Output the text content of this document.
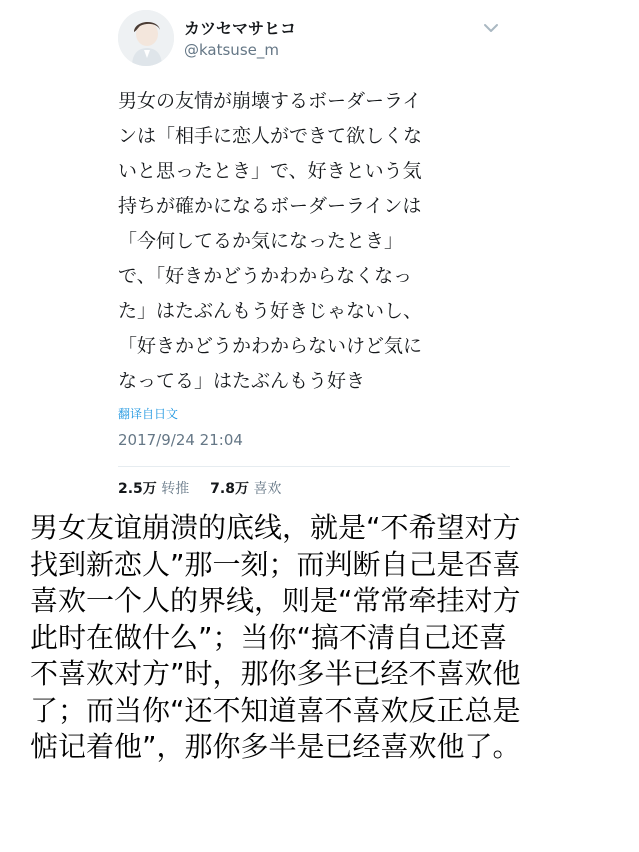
カツセマサヒコ
@katsuse_m
男女の友情が崩壊するボーダーライ
ンは「相手に恋人ができて欲しくな
いと思ったとき」で、好きという気
持ちが確かになるボーダーラインは
「今何してるか気になったとき」
で、「好きかどうかわからなくなっ
た」はたぶんもう好きじゃないし、
「好きかどうかわからないけど気に
なってる」はたぶんもう好き
翻译自日文
2017/9/24 21:04
2.5万 转推 7.8万 喜欢
男女友谊崩溃的底线，就是“不希望对方
找到新恋人”那一刻；而判断自己是否喜
喜欢一个人的界线，则是“常常牵挂对方
此时在做什么”；当你“搞不清自己还喜
不喜欢对方”时，那你多半已经不喜欢他
了；而当你“还不知道喜不喜欢反正总是
惦记着他”，那你多半是已经喜欢他了。
